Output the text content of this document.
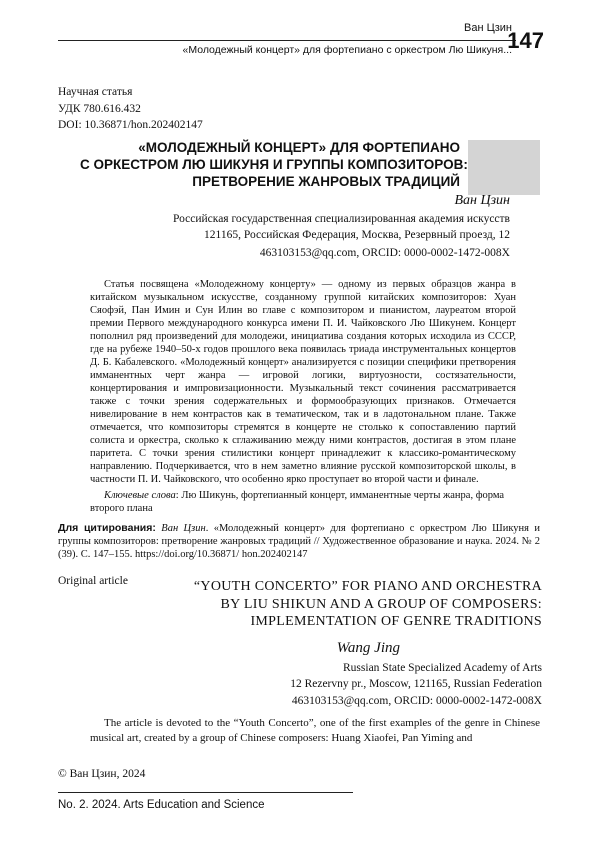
Ван Цзин
«Молодежный концерт» для фортепиано с оркестром Лю Шикуня...
147
Научная статья
УДК 780.616.432
DOI: 10.36871/hon.202402147
«МОЛОДЕЖНЫЙ КОНЦЕРТ» ДЛЯ ФОРТЕПИАНО
С ОРКЕСТРОМ ЛЮ ШИКУНЯ И ГРУППЫ КОМПОЗИТОРОВ:
ПРЕТВОРЕНИЕ ЖАНРОВЫХ ТРАДИЦИЙ
Ван Цзин
Российская государственная специализированная академия искусств
121165, Российская Федерация, Москва, Резервный проезд, 12
463103153@qq.com, ORCID: 0000-0002-1472-008X

Статья посвящена «Молодежному концерту» — одному из первых образцов жанра в китайском музыкальном искусстве, созданному группой китайских композиторов: Хуан Сяофэй, Пан Имин и Сун Илин во главе с композитором и пианистом, лауреатом второй премии Первого международного конкурса имени П. И. Чайковского Лю Шикунем. Концерт пополнил ряд произведений для молодежи, инициатива создания которых исходила из СССР, где на рубеже 1940–50-х годов прошлого века появилась триада инструментальных концертов Д. Б. Кабалевского. «Молодежный концерт» анализируется с позиции специфики претворения имманентных черт жанра — игровой логики, виртуозности, состязательности, концертирования и импровизационности. Музыкальный текст сочинения рассматривается также с точки зрения содержательных и формообразующих признаков. Отмечается нивелирование в нем контрастов как в тематическом, так и в ладотональном плане. Также отмечается, что композиторы стремятся в концерте не столько к сопоставлению партий солиста и оркестра, сколько к сглаживанию между ними контрастов, достигая в этом плане паритета. С точки зрения стилистики концерт принадлежит к классико-романтическому направлению. Подчеркивается, что в нем заметно влияние русской композиторской школы, в частности П. И. Чайковского, что особенно ярко проступает во второй части и финале.

Ключевые слова: Лю Шикунь, фортепианный концерт, имманентные черты жанра, форма второго плана

Для цитирования: Ван Цзин. «Молодежный концерт» для фортепиано с оркестром Лю Шикуня и группы композиторов: претворение жанровых традиций // Художественное образование и наука. 2024. № 2 (39). С. 147–155. https://doi.org/10.36871/ hon.202402147

Original article	“YOUTH CONCERTO” FOR PIANO AND ORCHESTRA
BY LIU SHIKUN AND A GROUP OF COMPOSERS:
IMPLEMENTATION OF GENRE TRADITIONS
Wang Jing
Russian State Specialized Academy of Arts
12 Rezervny pr., Moscow, 121165, Russian Federation
463103153@qq.com, ORCID: 0000-0002-1472-008X

The article is devoted to the “Youth Concerto”, one of the first examples of the genre in Chinese musical art, created by a group of Chinese composers: Huang Xiaofei, Pan Yiming and

© Ван Цзин, 2024
No. 2. 2024. Arts Education and Science
